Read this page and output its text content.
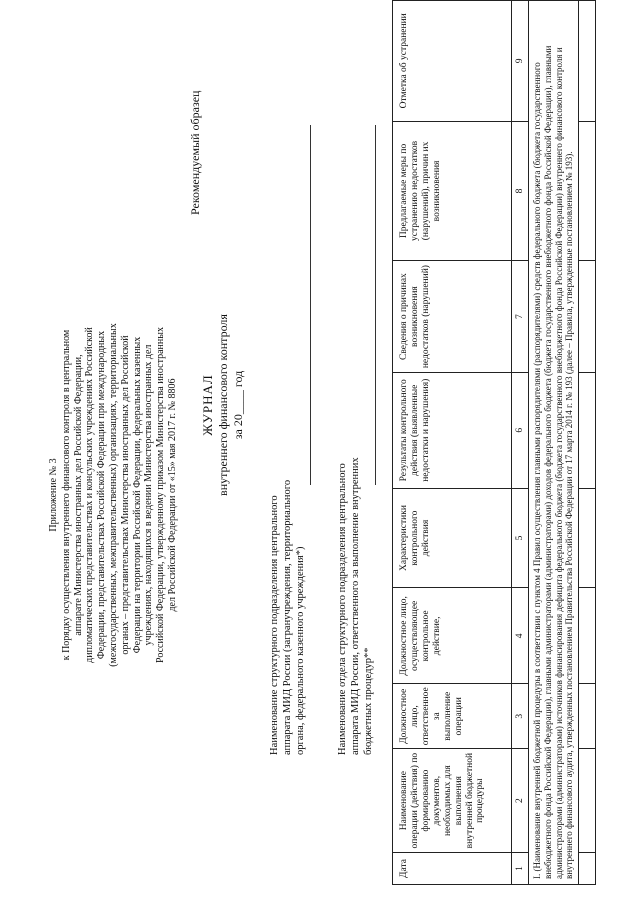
Приложение № 3 к Порядку осуществления внутреннего финансового контроля в центральном аппарате Министерства иностранных дел Российской Федерации, дипломатических представительствах и консульских учреждениях Российской Федерации, представительствах Российской Федерации при международных (межгосударственных, межправительственных) организациях, территориальных органах – представительствах Министерства иностранных дел Российской Федерации на территории Российской Федерации, федеральных казенных учреждениях, находящихся в ведении Министерства иностранных дел Российской Федерации, утвержденному приказом Министерства иностранных дел Российской Федерации от «15» мая 2017 г. № 8806
Рекомендуемый образец
ЖУРНАЛ внутреннего финансового контроля за 20____ год
Наименование структурного подразделения центрального аппарата МИД России (загранучреждения, территориального органа, федерального казенного учреждения*)	Наименование отдела структурного подразделения центрального аппарата МИД России, ответственного за выполнение внутренних бюджетных процедур**
Дата	Наименование операции (действия) по формированию документов, необходимых для выполнения внутренней бюджетной процедуры	Должностное лицо, ответственное за выполнение операции	Должностное лицо, осуществляющее контрольное действие,	Характеристики контрольного действия	Результаты контрольного действия (выявленные недостатки и нарушения)	Сведения о причинах возникновения недостатков (нарушений)	Предлагаемые меры по устранению недостатков (нарушений), причин их возникновения	Отметка об устранении
1	2	3	4	5	6	7	8	9
I. (Наименование внутренней бюджетной процедуры в соответствии с пунктом 4 Правил осуществления главными распорядителями (распорядителями) средств федерального бюджета (бюджета государственного внебюджетного фонда Российской Федерации), главными администраторами (администраторами) доходов федерального бюджета (бюджета государственного внебюджетного фонда Российской Федерации), главными администраторами (администраторами) источников финансирования дефицита федерального бюджета (бюджета государственного внебюджетного фонда Российской Федерации) внутреннего финансового контроля и внутреннего финансового аудита, утвержденных постановлением Правительства Российской Федерации от 17 марта 2014 г. № 193 (далее – Правила, утвержденные постановлением № 193).								
